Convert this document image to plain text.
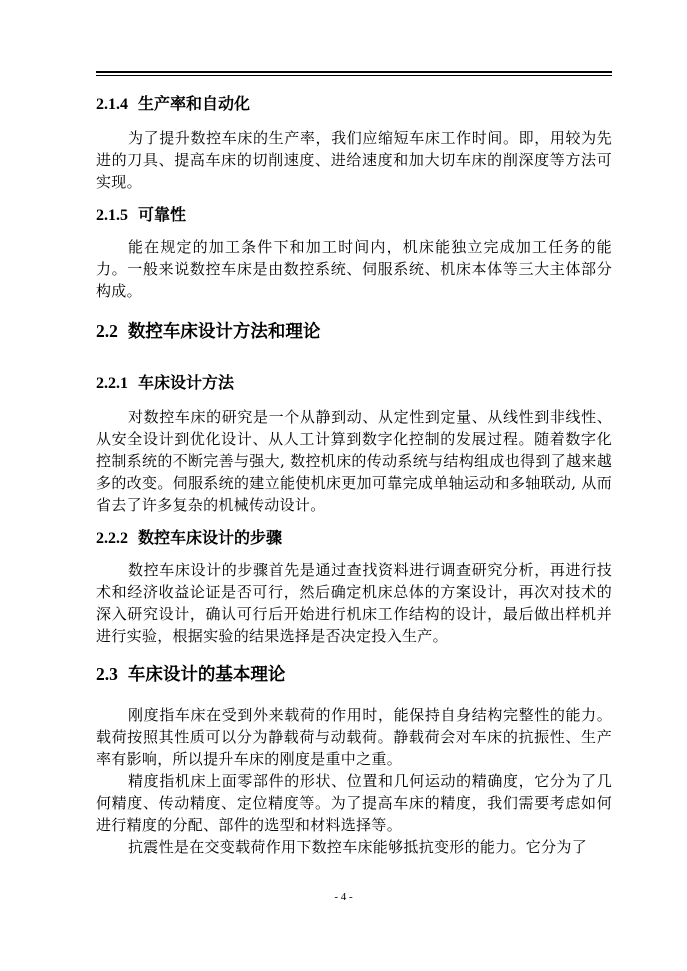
2.1.4 生产率和自动化

为了提升数控车床的生产率，我们应缩短车床工作时间。即，用较为先进的刀具、提高车床的切削速度、进给速度和加大切车床的削深度等方法可实现。

2.1.5 可靠性

能在规定的加工条件下和加工时间内，机床能独立完成加工任务的能力。一般来说数控车床是由数控系统、伺服系统、机床本体等三大主体部分构成。

2.2 数控车床设计方法和理论
2.2.1 车床设计方法

对数控车床的研究是一个从静到动、从定性到定量、从线性到非线性、从安全设计到优化设计、从人工计算到数字化控制的发展过程。随着数字化控制系统的不断完善与强大, 数控机床的传动系统与结构组成也得到了越来越多的改变。伺服系统的建立能使机床更加可靠完成单轴运动和多轴联动, 从而省去了许多复杂的机械传动设计。

2.2.2 数控车床设计的步骤

数控车床设计的步骤首先是通过查找资料进行调查研究分析，再进行技术和经济收益论证是否可行，然后确定机床总体的方案设计，再次对技术的深入研究设计，确认可行后开始进行机床工作结构的设计，最后做出样机并进行实验，根据实验的结果选择是否决定投入生产。

2.3 车床设计的基本理论

刚度指车床在受到外来载荷的作用时，能保持自身结构完整性的能力。载荷按照其性质可以分为静载荷与动载荷。静载荷会对车床的抗振性、生产率有影响，所以提升车床的刚度是重中之重。

精度指机床上面零部件的形状、位置和几何运动的精确度，它分为了几何精度、传动精度、定位精度等。为了提高车床的精度，我们需要考虑如何进行精度的分配、部件的选型和材料选择等。

抗震性是在交变载荷作用下数控车床能够抵抗变形的能力。它分为了

- 4 -
